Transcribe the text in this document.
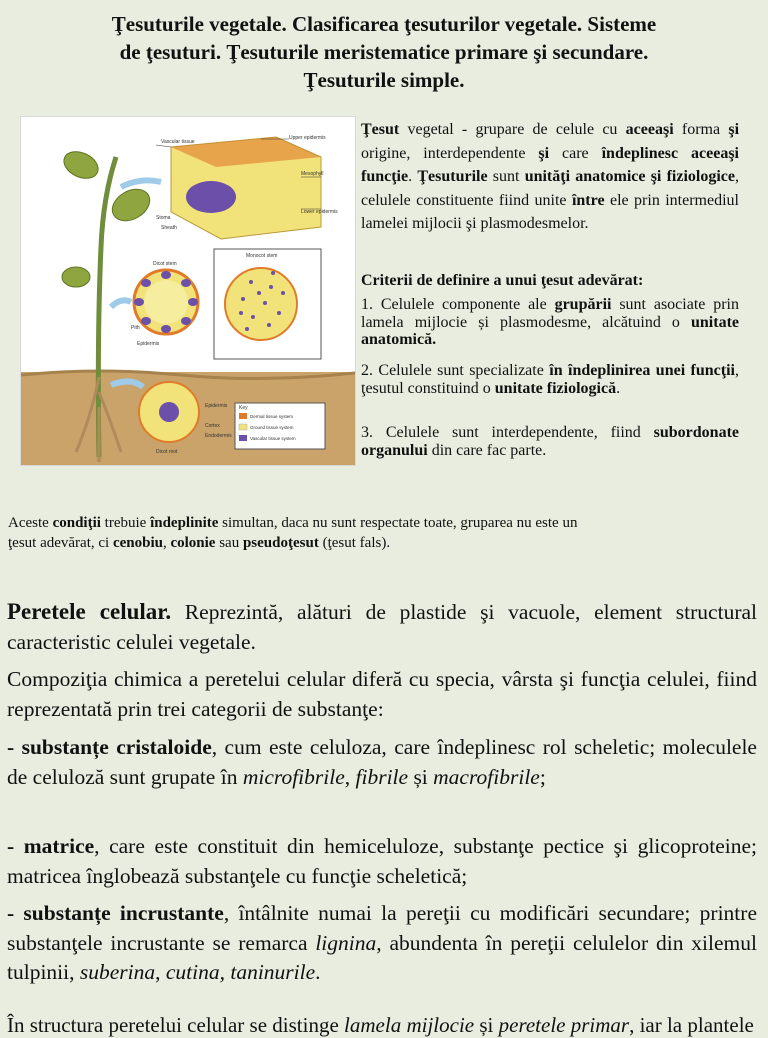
Ţesuturile vegetale. Clasificarea ţesuturilor vegetale. Sisteme
de ţesuturi. Ţesuturile meristematice primare şi secundare.
Ţesuturile simple.
Vascular tissue
Upper epidermis
Mesophyll
Lower epidermis
Stoma
Sheath
Dicot stem
Monocot stem
Pith
Epidermis
Key
Dermal tissue system
Ground tissue system
Vascular tissue system
Epidermis
Cortex
Endodermis
Dicot root
Ţesut vegetal - grupare de celule cu aceeaşi forma şi origine, interdependente şi care îndeplinesc aceeaşi funcţie. Ţesuturile sunt unităţi anatomice şi fiziologice, celulele constituente fiind unite între ele prin intermediul lamelei mijlocii şi plasmodesmelor.
Criterii de definire a unui ţesut adevărat:
1. Celulele componente ale grupării sunt asociate prin lamela mijlocie și plasmodesme, alcătuind o unitate anatomică.
2. Celulele sunt specializate în îndeplinirea unei funcţii, ţesutul constituind o unitate fiziologică.
3. Celulele sunt interdependente, fiind subordonate organului din care fac parte.
Aceste condiţii trebuie îndeplinite simultan, daca nu sunt respectate toate, gruparea nu este un
ţesut adevărat, ci cenobiu, colonie sau pseudoţesut (ţesut fals).
Peretele celular. Reprezintă, alături de plastide şi vacuole, element structural caracteristic celulei vegetale.
Compoziţia chimica a peretelui celular diferă cu specia, vârsta şi funcţia celulei, fiind reprezentată prin trei categorii de substanţe:
- substanțe cristaloide, cum este celuloza, care îndeplinesc rol scheletic; moleculele de celuloză sunt grupate în microfibrile, fibrile și macrofibrile;
- matrice, care este constituit din hemiceluloze, substanţe pectice şi glicoproteine; matricea înglobează substanţele cu funcţie scheletică;
- substanțe incrustante, întâlnite numai la pereţii cu modificări secundare; printre substanţele incrustante se remarca lignina, abundenta în pereţii celulelor din xilemul tulpinii, suberina, cutina, taninurile.
În structura peretelui celular se distinge lamela mijlocie și peretele primar, iar la plantele
